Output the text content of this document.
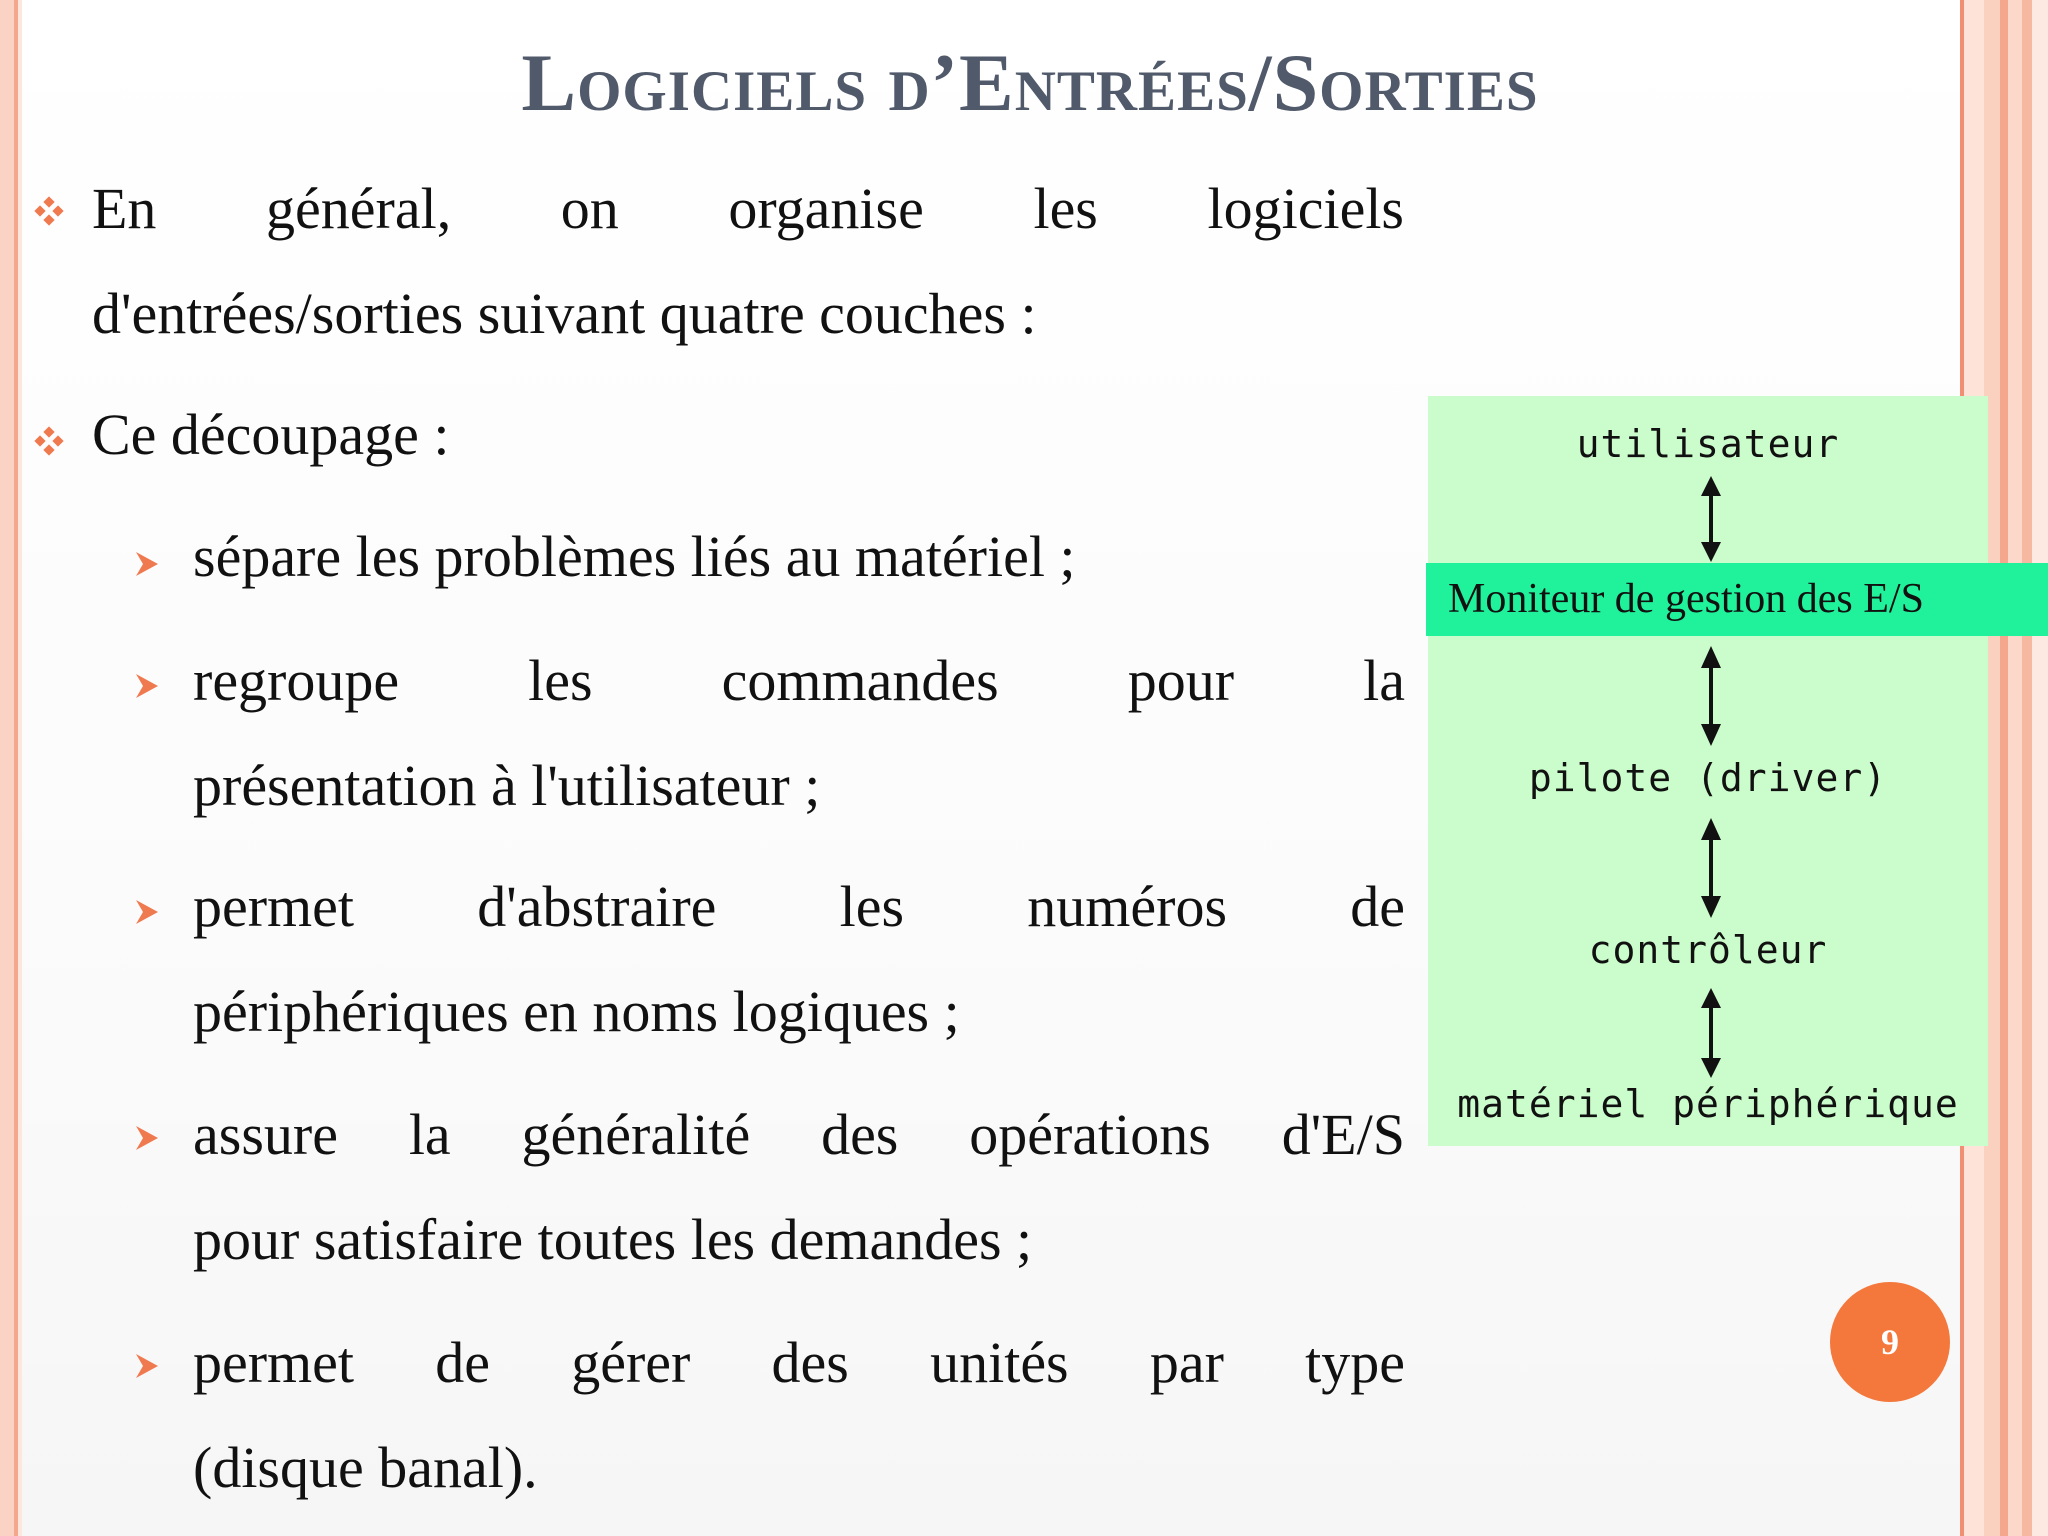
Logiciels d’Entrées/Sorties
En général, on organise les logiciels
d'entrées/sorties suivant quatre couches :
Ce découpage :
sépare les problèmes liés au matériel ;
regroupe les commandes pour la
présentation à l'utilisateur ;
permet d'abstraire les numéros de
périphériques en noms logiques ;
assure la généralité des opérations d'E/S
pour satisfaire toutes les demandes ;
permet de gérer des unités par type
(disque banal).
utilisateur
pilote (driver)
contrôleur
matériel périphérique
Moniteur de gestion des E/S
9
